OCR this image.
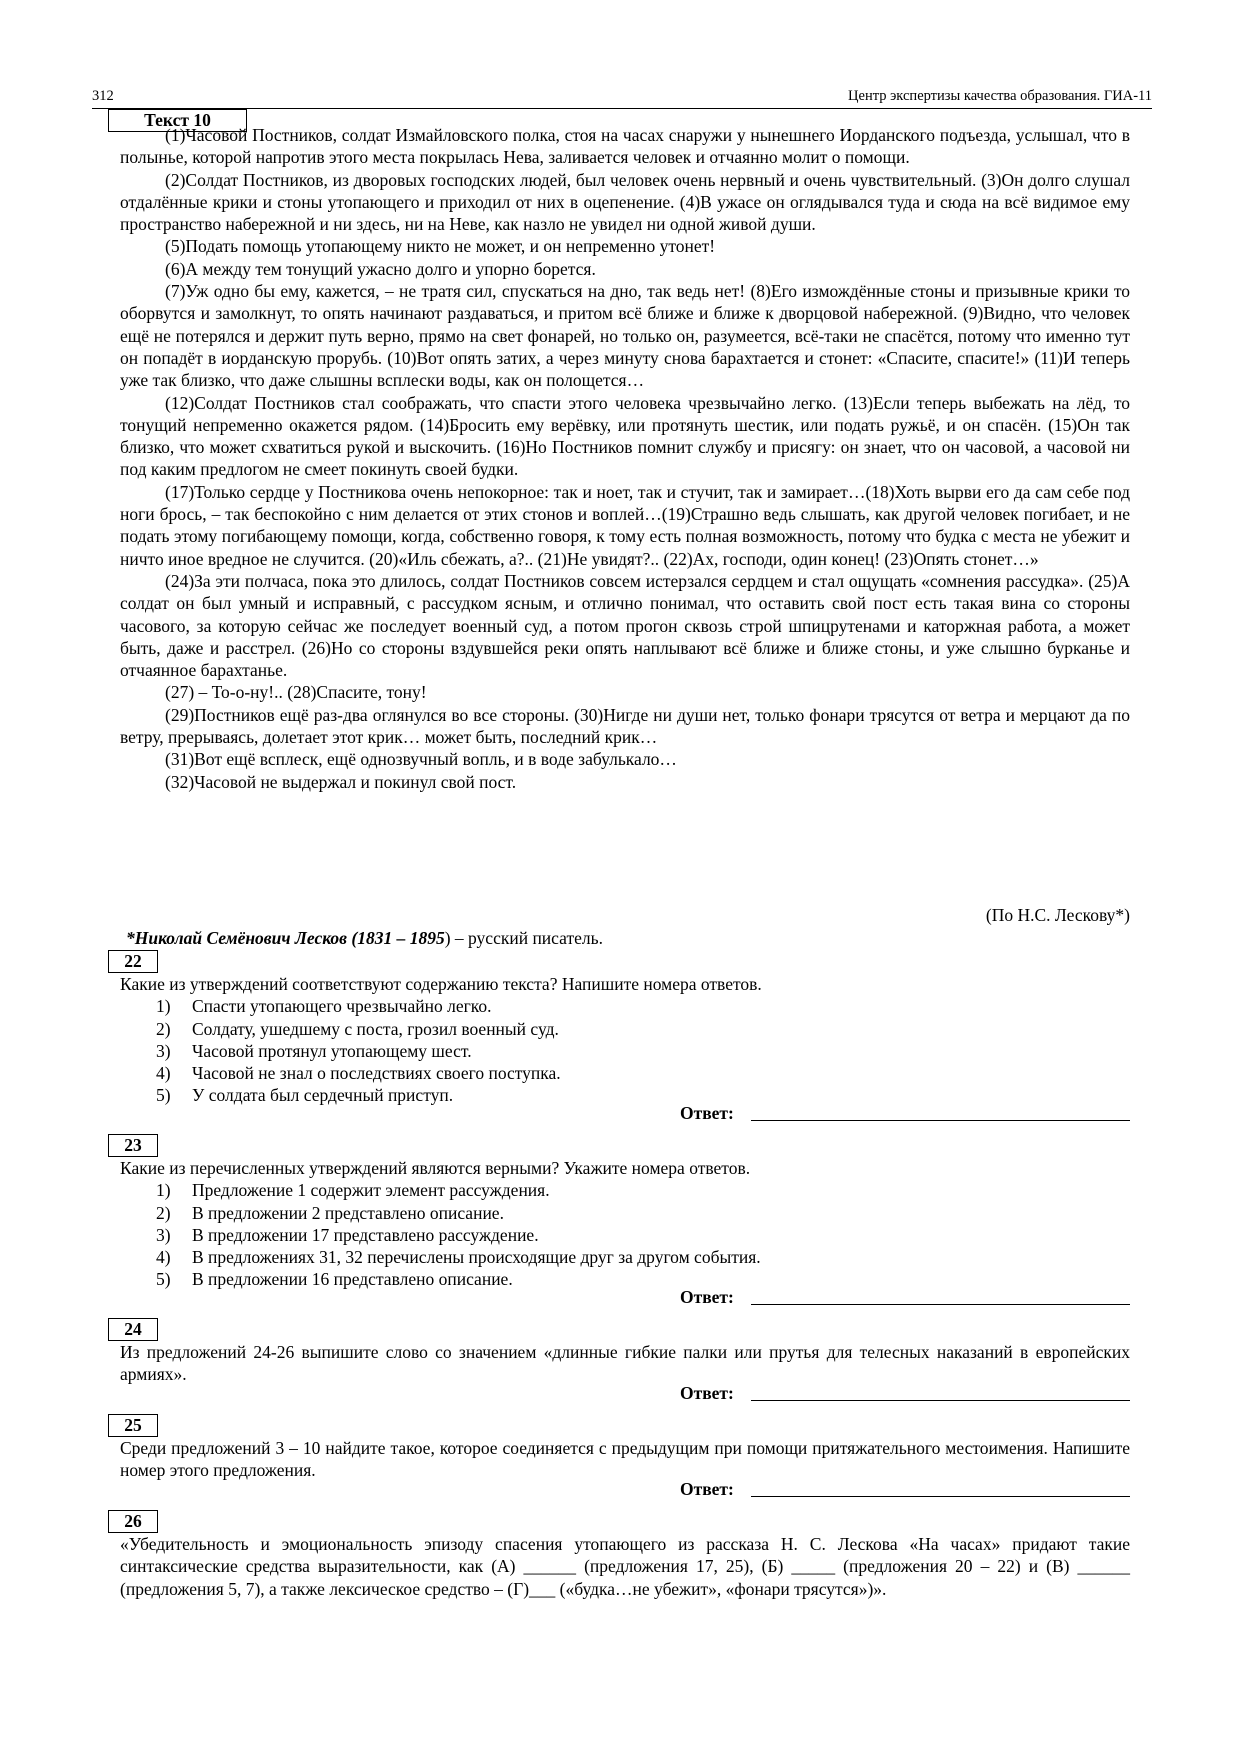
312	Центр экспертизы качества образования. ГИА-11
Текст 10

(1)Часовой Постников, солдат Измайловского полка, стоя на часах снаружи у нынешнего Иорданского подъезда, услышал, что в полынье, которой напротив этого места покрылась Нева, заливается человек и отчаянно молит о помощи.

(2)Солдат Постников, из дворовых господских людей, был человек очень нервный и очень чувствительный. (3)Он долго слушал отдалённые крики и стоны утопающего и приходил от них в оцепенение. (4)В ужасе он оглядывался туда и сюда на всё видимое ему пространство набережной и ни здесь, ни на Неве, как назло не увидел ни одной живой души.

(5)Подать помощь утопающему никто не может, и он непременно утонет!

(6)А между тем тонущий ужасно долго и упорно борется.

(7)Уж одно бы ему, кажется, – не тратя сил, спускаться на дно, так ведь нет! (8)Его измождённые стоны и призывные крики то оборвутся и замолкнут, то опять начинают раздаваться, и притом всё ближе и ближе к дворцовой набережной. (9)Видно, что человек ещё не потерялся и держит путь верно, прямо на свет фонарей, но только он, разумеется, всё-таки не спасётся, потому что именно тут он попадёт в иорданскую прорубь. (10)Вот опять затих, а через минуту снова барахтается и стонет: «Спасите, спасите!» (11)И теперь уже так близко, что даже слышны всплески воды, как он полощется…

(12)Солдат Постников стал соображать, что спасти этого человека чрезвычайно легко. (13)Если теперь выбежать на лёд, то тонущий непременно окажется рядом. (14)Бросить ему верёвку, или протянуть шестик, или подать ружьё, и он спасён. (15)Он так близко, что может схватиться рукой и выскочить. (16)Но Постников помнит службу и присягу: он знает, что он часовой, а часовой ни под каким предлогом не смеет покинуть своей будки.

(17)Только сердце у Постникова очень непокорное: так и ноет, так и стучит, так и замирает…(18)Хоть вырви его да сам себе под ноги брось, – так беспокойно с ним делается от этих стонов и воплей…(19)Страшно ведь слышать, как другой человек погибает, и не подать этому погибающему помощи, когда, собственно говоря, к тому есть полная возможность, потому что будка с места не убежит и ничто иное вредное не случится. (20)«Иль сбежать, а?.. (21)Не увидят?.. (22)Ах, господи, один конец! (23)Опять стонет…»

(24)За эти полчаса, пока это длилось, солдат Постников совсем истерзался сердцем и стал ощущать «сомнения рассудка». (25)А солдат он был умный и исправный, с рассудком ясным, и отлично понимал, что оставить свой пост есть такая вина со стороны часового, за которую сейчас же последует военный суд, а потом прогон сквозь строй шпицрутенами и каторжная работа, а может быть, даже и расстрел. (26)Но со стороны вздувшейся реки опять наплывают всё ближе и ближе стоны, и уже слышно бурканье и отчаянное барахтанье.

(27) – То-о-ну!.. (28)Спасите, тону!

(29)Постников ещё раз-два оглянулся во все стороны. (30)Нигде ни души нет, только фонари трясутся от ветра и мерцают да по ветру, прерываясь, долетает этот крик… может быть, последний крик…

(31)Вот ещё всплеск, ещё однозвучный вопль, и в воде забулькало…

(32)Часовой не выдержал и покинул свой пост.

(По Н.С. Лескову*)
*Николай Семёнович Лесков (1831 – 1895) – русский писатель.
22

Какие из утверждений соответствуют содержанию текста? Напишите номера ответов.

1)	Спасти утопающего чрезвычайно легко.
2)	Солдату, ушедшему с поста, грозил военный суд.
3)	Часовой протянул утопающему шест.
4)	Часовой не знал о последствиях своего поступка.
5)	У солдата был сердечный приступ.
Ответ:
23

Какие из перечисленных утверждений являются верными? Укажите номера ответов.

1)	Предложение 1 содержит элемент рассуждения.
2)	В предложении 2 представлено описание.
3)	В предложении 17 представлено рассуждение.
4)	В предложениях 31, 32 перечислены происходящие друг за другом события.
5)	В предложении 16 представлено описание.
Ответ:
24

Из предложений 24-26 выпишите слово со значением «длинные гибкие палки или прутья для телесных наказаний в европейских армиях».

Ответ:
25

Среди предложений 3 – 10 найдите такое, которое соединяется с предыдущим при помощи притяжательного местоимения. Напишите номер этого предложения.

Ответ:
26

«Убедительность и эмоциональность эпизоду спасения утопающего из рассказа Н. С. Лескова «На часах» придают такие синтаксические средства выразительности, как (А) ______ (предложения 17, 25), (Б) _____ (предложения 20 – 22) и (В) ______ (предложения 5, 7), а также лексическое средство – (Г)___ («будка…не убежит», «фонари трясутся»)».
